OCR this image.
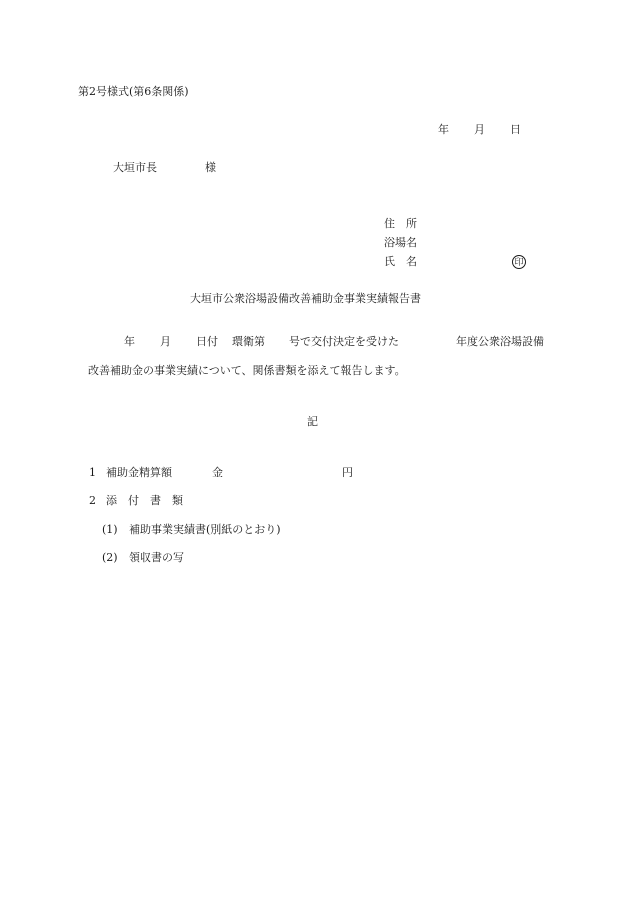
第2号様式(第6条関係)
年 月 日
大垣市長	様
住　所
浴場名
氏　名	印
大垣市公衆浴場設備改善補助金事業実績報告書
年 月 日付 環衛第 号で交付決定を受けた	年度公衆浴場設備
改善補助金の事業実績について、関係書類を添えて報告します。
記
1 補助金精算額	金	円
2 添　付　書　類
(1) 補助事業実績書(別紙のとおり)
(2) 領収書の写
